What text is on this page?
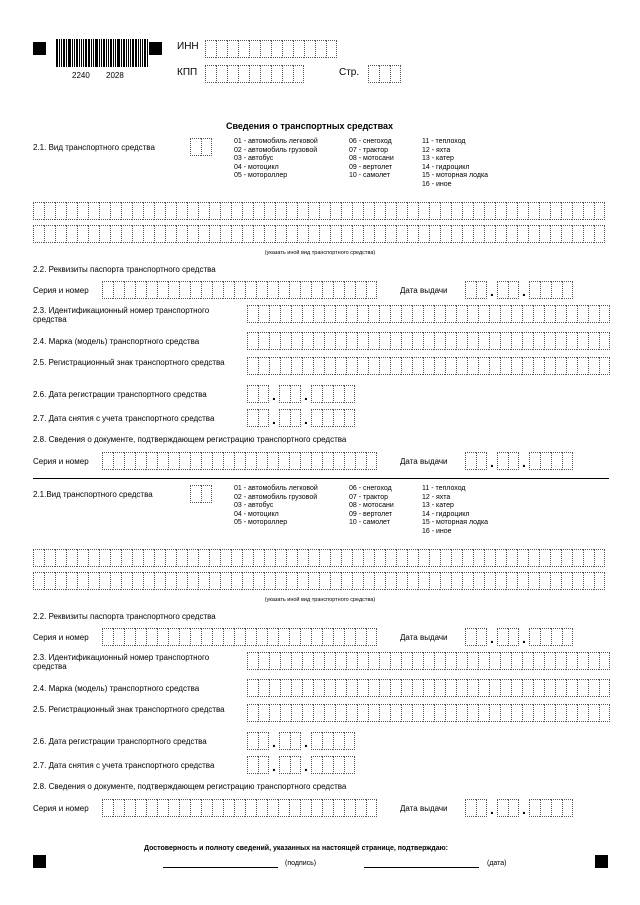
2240 2028
ИНН
КПП	Стр.
Сведения о транспортных средствах
2.1. Вид транспортного средства
01 - автомобиль легковой
02 - автомобиль грузовой
03 - автобус
04 - мотоцикл
05 - мотороллер
06 - снегоход
07 - трактор
08 - мотосани
09 - вертолет
10 - самолет
11 - теплоход
12 - яхта
13 - катер
14 - гидроцикл
15 - моторная лодка
16 - иное
(указать иной вид транспортного средства)
2.2. Реквизиты паспорта транспортного средства
Серия и номер	Дата выдачи	. .
2.3. Идентификационный номер транспортного средства
2.4. Марка (модель) транспортного средства
2.5. Регистрационный знак транспортного средства
2.6. Дата регистрации транспортного средства	. .
2.7. Дата снятия с учета транспортного средства	. .
2.8. Сведения о документе, подтверждающем регистрацию транспортного средства
Серия и номер	Дата выдачи	. .
2.1.Вид транспортного средства
01 - автомобиль легковой
02 - автомобиль грузовой
03 - автобус
04 - мотоцикл
05 - мотороллер
06 - снегоход
07 - трактор
08 - мотосани
09 - вертолет
10 - самолет
11 - теплоход
12 - яхта
13 - катер
14 - гидроцикл
15 - моторная лодка
16 - иное
(указать иной вид транспортного средства)
2.2. Реквизиты паспорта транспортного средства
Серия и номер	Дата выдачи	. .
2.3. Идентификационный номер транспортного средства
2.4. Марка (модель) транспортного средства
2.5. Регистрационный знак транспортного средства
2.6. Дата регистрации транспортного средства	. .
2.7. Дата снятия с учета транспортного средства	. .
2.8. Сведения о документе, подтверждающем регистрацию транспортного средства
Серия и номер	Дата выдачи	. .
Достоверность и полноту сведений, указанных на настоящей странице, подтверждаю:
(подпись)	(дата)
